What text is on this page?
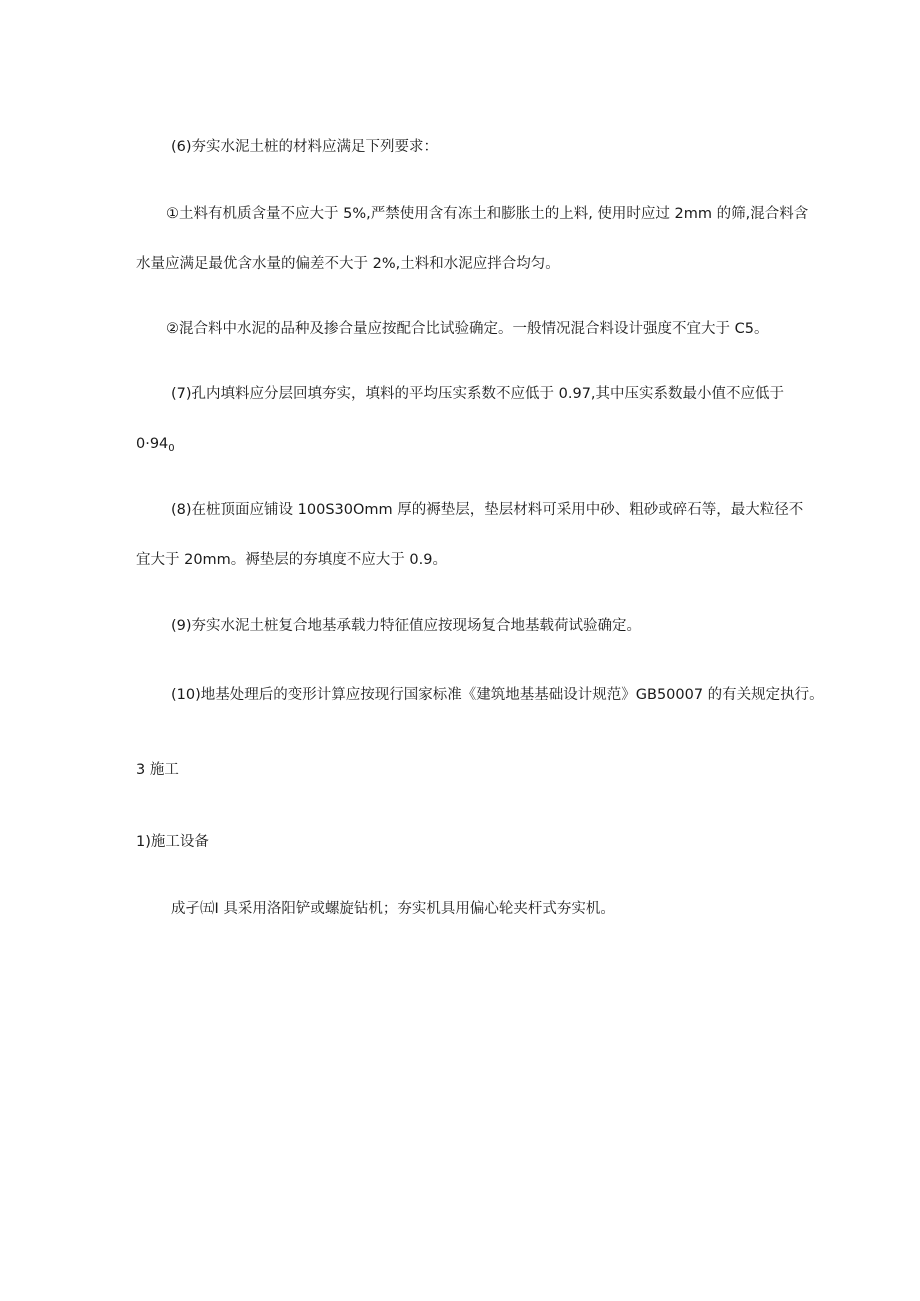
(6)夯实水泥土桩的材料应满足下列要求：
①土料有机质含量不应大于 5%,严禁使用含有冻土和膨胀土的上料, 使用时应过 2mm 的筛,混合料含
水量应满足最优含水量的偏差不大于 2%,土料和水泥应拌合均匀。
②混合料中水泥的品种及掺合量应按配合比试验确定。一般情况混合料设计强度不宜大于 C5。
(7)孔内填料应分层回填夯实，填料的平均压实系数不应低于 0.97,其中压实系数最小值不应低于
$0\cdot 94_0$
(8)在桩顶面应铺设 100S30Omm 厚的褥垫层，垫层材料可采用中砂、粗砂或碎石等，最大粒径不
宜大于 20mm。褥垫层的夯填度不应大于 0.9。
(9)夯实水泥土桩复合地基承载力特征值应按现场复合地基载荷试验确定。
(10)地基处理后的变形计算应按现行国家标准《建筑地基基础设计规范》GB50007 的有关规定执行。
3 施工
1)施工设备
成孑㈤I 具采用洛阳铲或螺旋钻机；夯实机具用偏心轮夹杆式夯实机。
